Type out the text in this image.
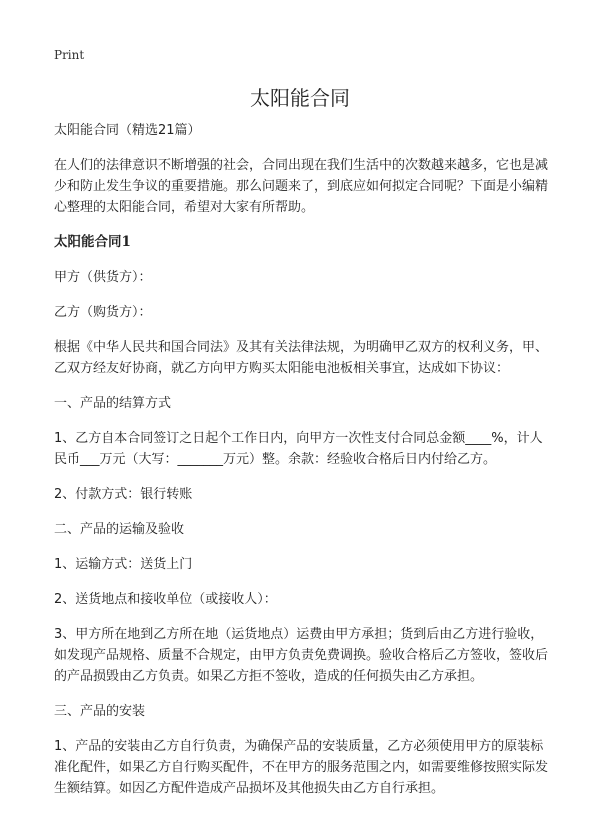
Print
太阳能合同

太阳能合同（精选21篇）

在人们的法律意识不断增强的社会，合同出现在我们生活中的次数越来越多，它也是减少和防止发生争议的重要措施。那么问题来了，到底应如何拟定合同呢？下面是小编精心整理的太阳能合同，希望对大家有所帮助。

太阳能合同1

甲方（供货方）：

乙方（购货方）：

根据《中华人民共和国合同法》及其有关法律法规，为明确甲乙双方的权利义务，甲、乙双方经友好协商，就乙方向甲方购买太阳能电池板相关事宜，达成如下协议：

一、产品的结算方式

1、乙方自本合同签订之日起个工作日内，向甲方一次性支付合同总金额____%，计人民币___万元（大写：_______万元）整。余款：经验收合格后日内付给乙方。

2、付款方式：银行转账

二、产品的运输及验收

1、运输方式：送货上门

2、送货地点和接收单位（或接收人）：

3、甲方所在地到乙方所在地（运货地点）运费由甲方承担；货到后由乙方进行验收，如发现产品规格、质量不合规定，由甲方负责免费调换。验收合格后乙方签收，签收后的产品损毁由乙方负责。如果乙方拒不签收，造成的任何损失由乙方承担。

三、产品的安装

1、产品的安装由乙方自行负责，为确保产品的安装质量，乙方必须使用甲方的原装标准化配件，如果乙方自行购买配件，不在甲方的服务范围之内，如需要维修按照实际发生额结算。如因乙方配件造成产品损坏及其他损失由乙方自行承担。
